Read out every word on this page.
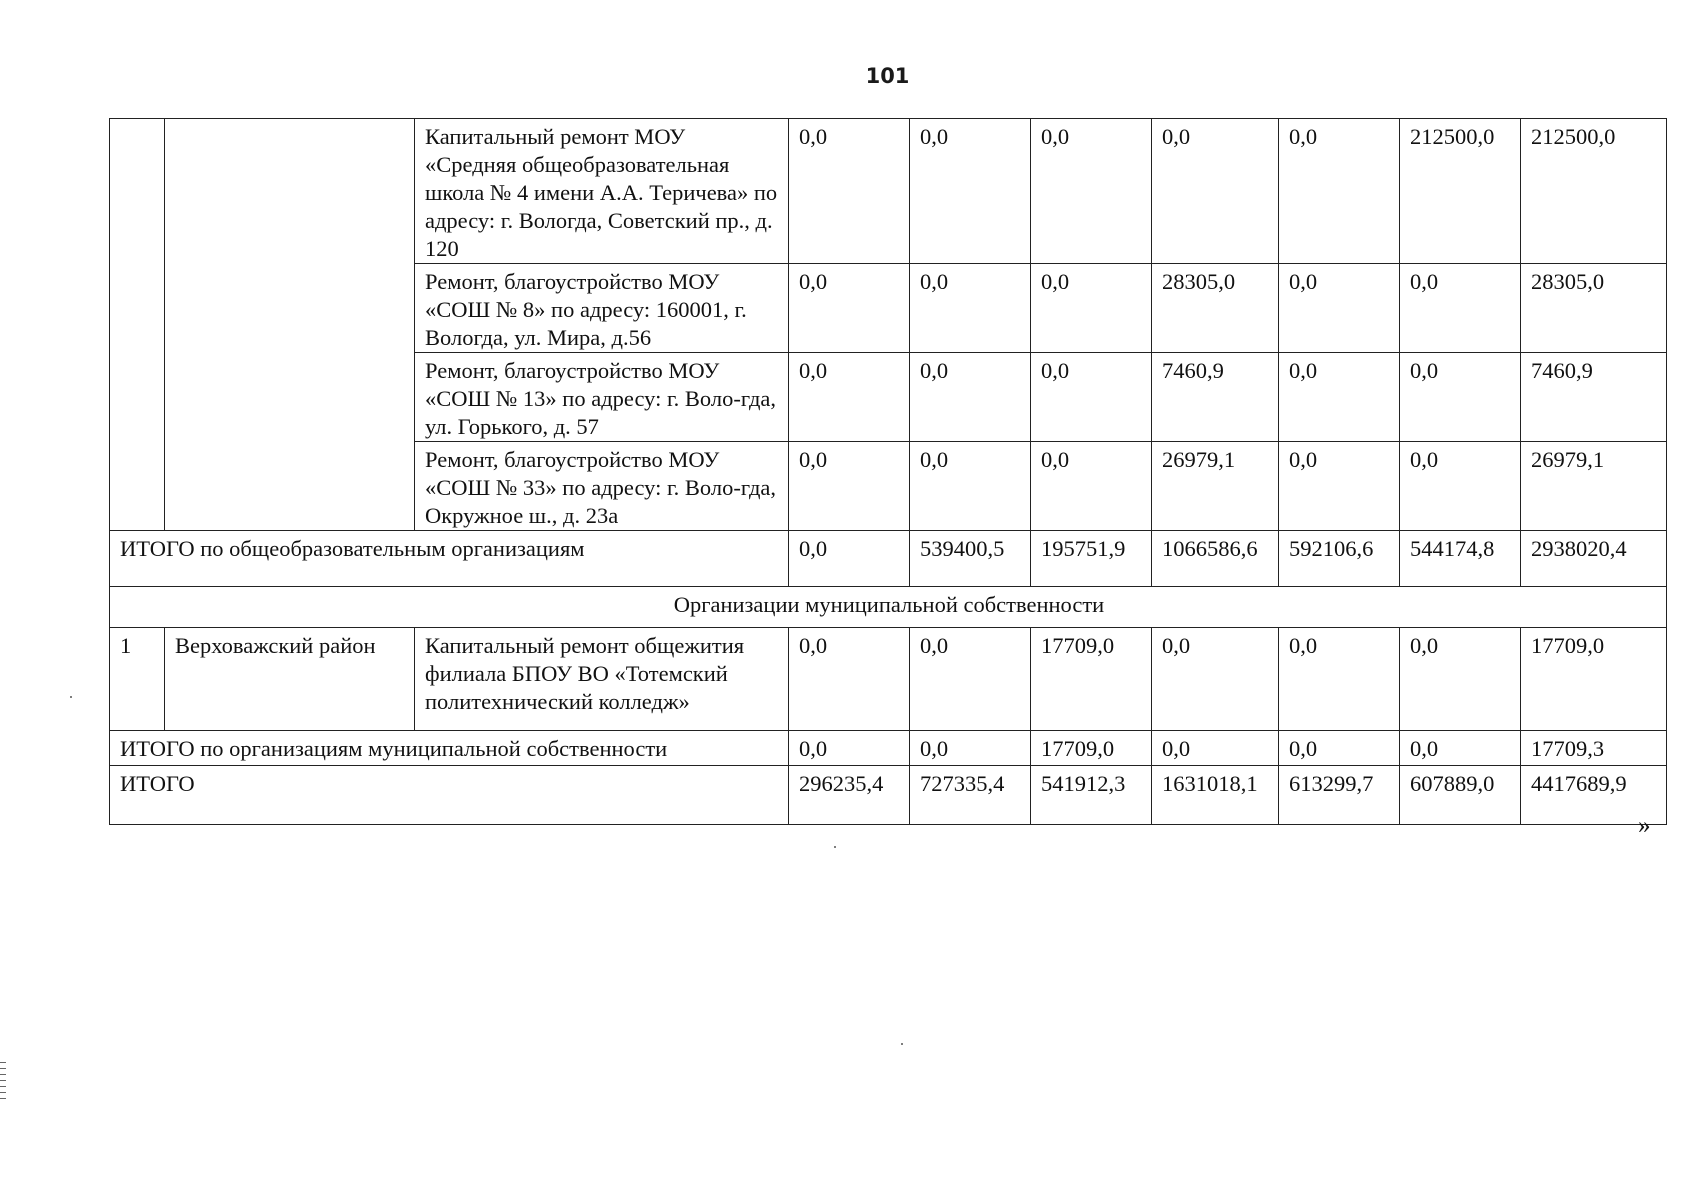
101
		Капитальный ремонт МОУ «Средняя общеобразовательная школа № 4 имени А.А. Теричева» по адресу: г. Вологда, Советский пр., д. 120	0,0	0,0	0,0	0,0	0,0	212500,0	212500,0
		Ремонт, благоустройство МОУ «СОШ № 8» по адресу: 160001, г. Вологда, ул. Мира, д.56	0,0	0,0	0,0	28305,0	0,0	0,0	28305,0
		Ремонт, благоустройство МОУ «СОШ № 13» по адресу: г. Воло-гда, ул. Горького, д. 57	0,0	0,0	0,0	7460,9	0,0	0,0	7460,9
		Ремонт, благоустройство МОУ «СОШ № 33» по адресу: г. Воло-гда, Окружное ш., д. 23а	0,0	0,0	0,0	26979,1	0,0	0,0	26979,1
ИТОГО по общеобразовательным организациям			0,0	539400,5	195751,9	1066586,6	592106,6	544174,8	2938020,4
Организации муниципальной собственности									
1	Верховажский район	Капитальный ремонт общежития филиала БПОУ ВО «Тотемский политехнический колледж»	0,0	0,0	17709,0	0,0	0,0	0,0	17709,0
ИТОГО по организациям муниципальной собственности			0,0	0,0	17709,0	0,0	0,0	0,0	17709,3
ИТОГО			296235,4	727335,4	541912,3	1631018,1	613299,7	607889,0	4417689,9
»
